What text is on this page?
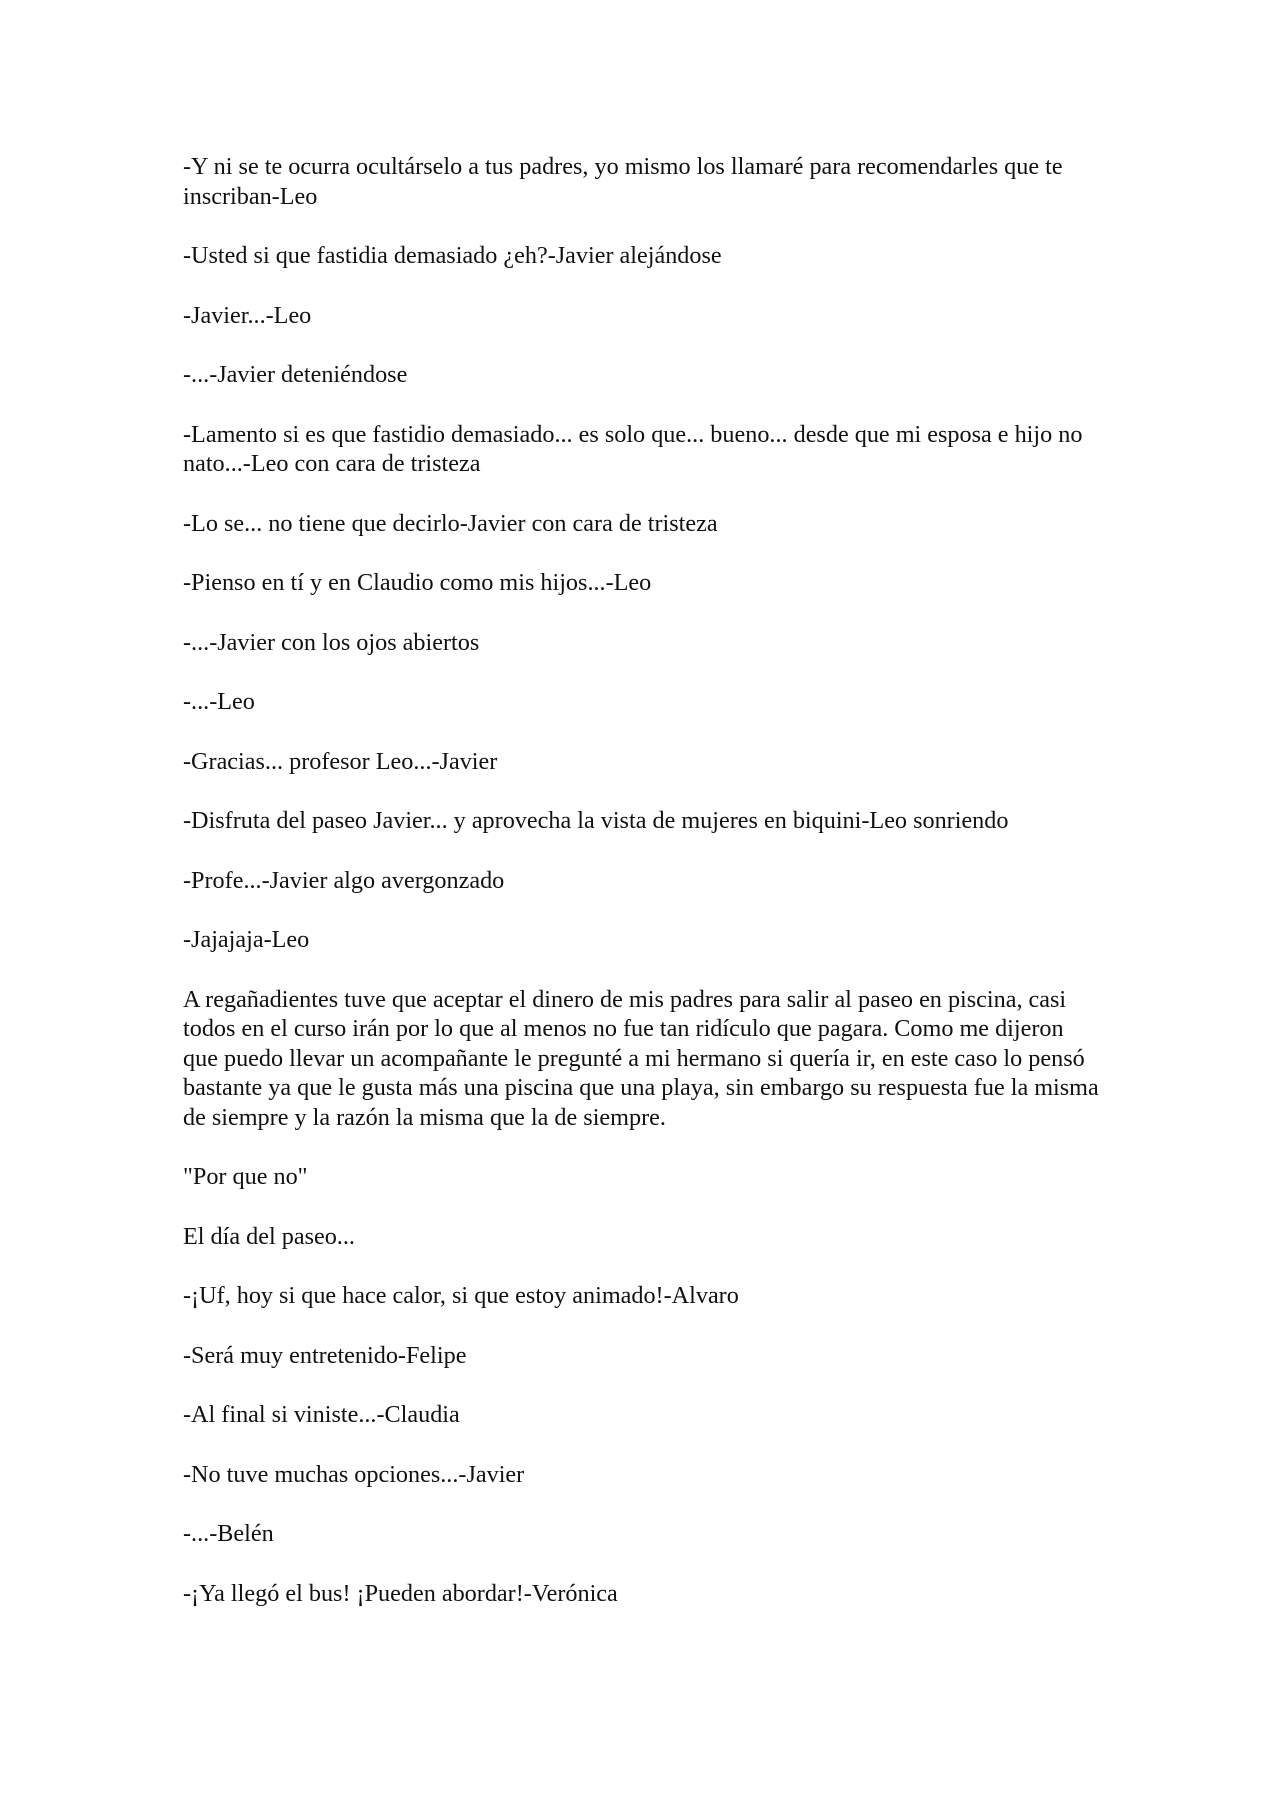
-Y ni se te ocurra ocultárselo a tus padres, yo mismo los llamaré para recomendarles que te inscriban-Leo

-Usted si que fastidia demasiado ¿eh?-Javier alejándose

-Javier...-Leo

-...-Javier deteniéndose

-Lamento si es que fastidio demasiado... es solo que... bueno... desde que mi esposa e hijo no nato...-Leo con cara de tristeza

-Lo se... no tiene que decirlo-Javier con cara de tristeza

-Pienso en tí y en Claudio como mis hijos...-Leo

-...-Javier con los ojos abiertos

-...-Leo

-Gracias... profesor Leo...-Javier

-Disfruta del paseo Javier... y aprovecha la vista de mujeres en biquini-Leo sonriendo

-Profe...-Javier algo avergonzado

-Jajajaja-Leo

A regañadientes tuve que aceptar el dinero de mis padres para salir al paseo en piscina, casi todos en el curso irán por lo que al menos no fue tan ridículo que pagara. Como me dijeron que puedo llevar un acompañante le pregunté a mi hermano si quería ir, en este caso lo pensó bastante ya que le gusta más una piscina que una playa, sin embargo su respuesta fue la misma de siempre y la razón la misma que la de siempre.

"Por que no"

El día del paseo...

-¡Uf, hoy si que hace calor, si que estoy animado!-Alvaro

-Será muy entretenido-Felipe

-Al final si viniste...-Claudia

-No tuve muchas opciones...-Javier

-...-Belén

-¡Ya llegó el bus! ¡Pueden abordar!-Verónica
